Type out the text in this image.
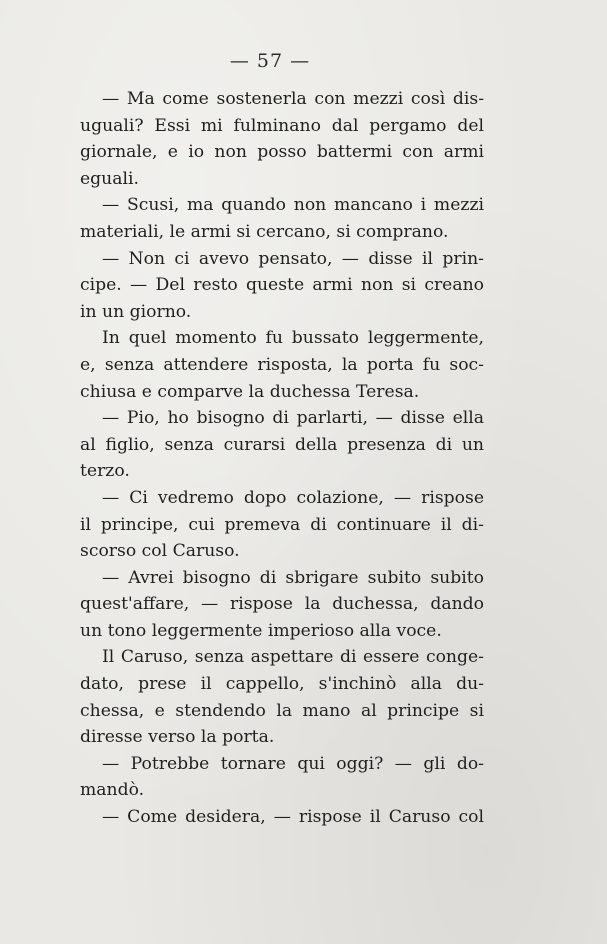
— 57 —
— Ma come sostenerla con mezzi così dis-
uguali? Essi mi fulminano dal pergamo del
giornale, e io non posso battermi con armi
eguali.
— Scusi, ma quando non mancano i mezzi
materiali, le armi si cercano, si comprano.
— Non ci avevo pensato, — disse il prin-
cipe. — Del resto queste armi non si creano
in un giorno.
In quel momento fu bussato leggermente,
e, senza attendere risposta, la porta fu soc-
chiusa e comparve la duchessa Teresa.
— Pio, ho bisogno di parlarti, — disse ella
al figlio, senza curarsi della presenza di un
terzo.
— Ci vedremo dopo colazione, — rispose
il principe, cui premeva di continuare il di-
scorso col Caruso.
— Avrei bisogno di sbrigare subito subito
quest'affare, — rispose la duchessa, dando
un tono leggermente imperioso alla voce.
Il Caruso, senza aspettare di essere conge-
dato, prese il cappello, s'inchinò alla du-
chessa, e stendendo la mano al principe si
diresse verso la porta.
— Potrebbe tornare qui oggi? — gli do-
mandò.
— Come desidera, — rispose il Caruso col
